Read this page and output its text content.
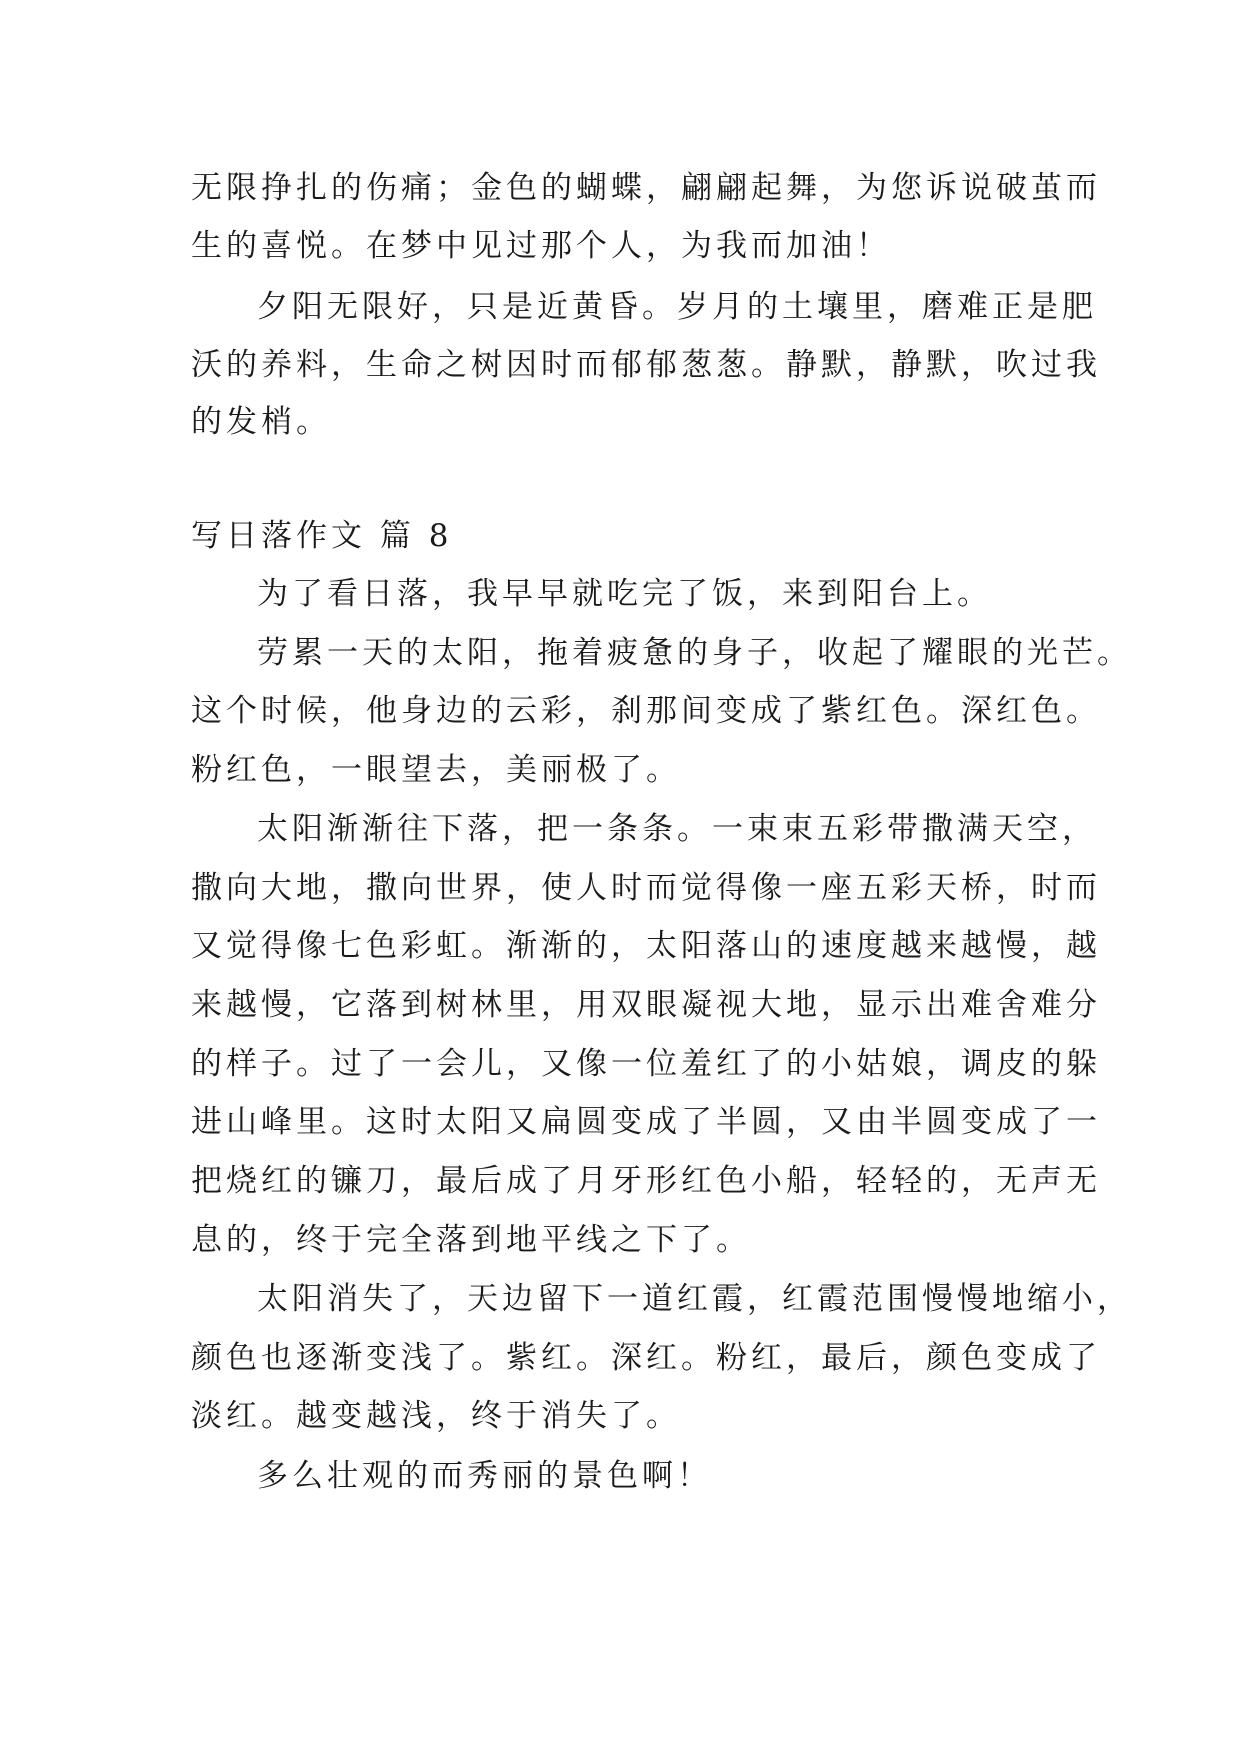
无限挣扎的伤痛；金色的蝴蝶，翩翩起舞，为您诉说破茧而
生的喜悦。在梦中见过那个人，为我而加油！
夕阳无限好，只是近黄昏。岁月的土壤里，磨难正是肥
沃的养料，生命之树因时而郁郁葱葱。静默，静默，吹过我
的发梢。
写日落作文 篇 8
为了看日落，我早早就吃完了饭，来到阳台上。
劳累一天的太阳，拖着疲惫的身子，收起了耀眼的光芒。
这个时候，他身边的云彩，刹那间变成了紫红色。深红色。
粉红色，一眼望去，美丽极了。
太阳渐渐往下落，把一条条。一束束五彩带撒满天空，
撒向大地，撒向世界，使人时而觉得像一座五彩天桥，时而
又觉得像七色彩虹。渐渐的，太阳落山的速度越来越慢，越
来越慢，它落到树林里，用双眼凝视大地，显示出难舍难分
的样子。过了一会儿，又像一位羞红了的小姑娘，调皮的躲
进山峰里。这时太阳又扁圆变成了半圆，又由半圆变成了一
把烧红的镰刀，最后成了月牙形红色小船，轻轻的，无声无
息的，终于完全落到地平线之下了。
太阳消失了，天边留下一道红霞，红霞范围慢慢地缩小，
颜色也逐渐变浅了。紫红。深红。粉红，最后，颜色变成了
淡红。越变越浅，终于消失了。
多么壮观的而秀丽的景色啊！
